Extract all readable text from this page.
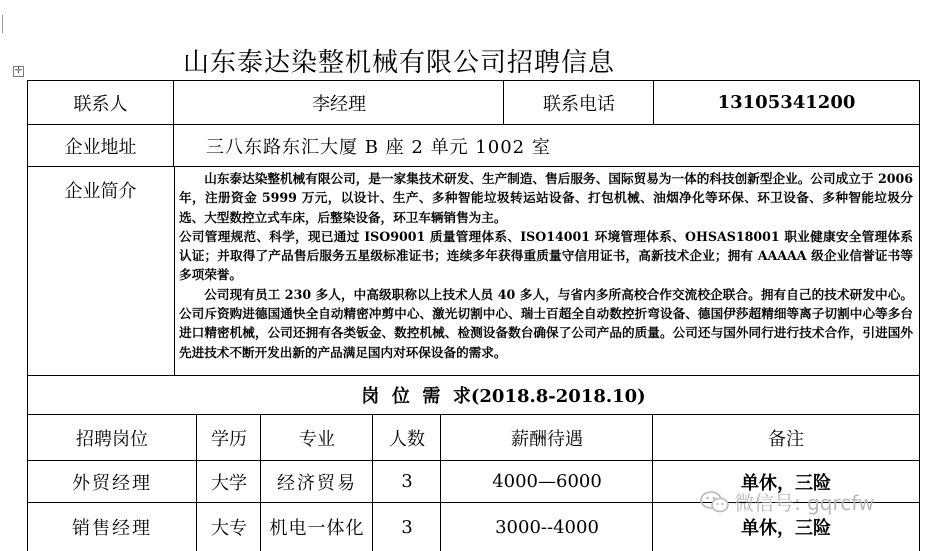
✛	山东泰达染整机械有限公司招聘信息
联系人	李经理	联系电话	13105341200
企业地址	三八东路东汇大厦 B 座 2 单元 1002 室
企业简介

山东泰达染整机械有限公司，是一家集技术研发、生产制造、售后服务、国际贸易为一体的科技创新型企业。公司成立于 2006 年，注册资金 5999 万元，以设计、生产、多种智能垃圾转运站设备、打包机械、油烟净化等环保、环卫设备、多种智能垃圾分选、大型数控立式车床，后整染设备，环卫车辆销售为主。

公司管理规范、科学，现已通过 ISO9001 质量管理体系、ISO14001 环境管理体系、OHSAS18001 职业健康安全管理体系认证；并取得了产品售后服务五星级标准证书；连续多年获得重质量守信用证书，高新技术企业；拥有 AAAAA 级企业信誉证书等多项荣誉。

公司现有员工 230 多人，中高级职称以上技术人员 40 多人，与省内多所高校合作交流校企联合。拥有自己的技术研发中心。公司斥资购进德国通快全自动精密冲剪中心、激光切割中心、瑞士百超全自动数控折弯设备、德国伊莎超精细等离子切割中心等多台进口精密机械，公司还拥有各类钣金、数控机械、检测设备数台确保了公司产品的质量。公司还与国外同行进行技术合作，引进国外先进技术不断开发出新的产品满足国内对环保设备的需求。

岗  位  需  求(2018.8-2018.10)
招聘岗位	学历	专业	人数	薪酬待遇	备注
外贸经理	大学	经济贸易	3	4000—6000	单休，三险
销售经理	大专	机电一体化	3	3000--4000	单休，三险
微信号: gqrcfw
